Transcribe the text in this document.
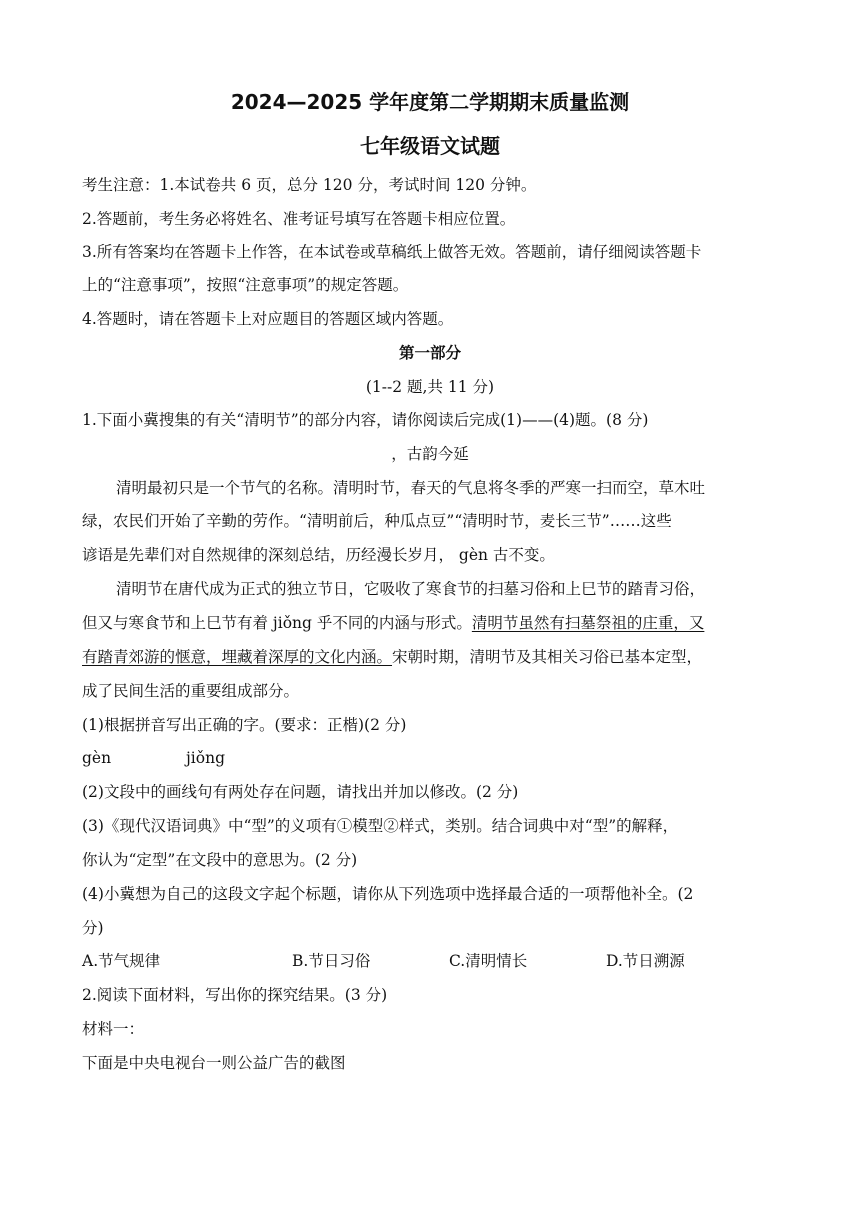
2024—2025 学年度第二学期期末质量监测
七年级语文试题
考生注意：1.本试卷共 6 页，总分 120 分，考试时间 120 分钟。
2.答题前，考生务必将姓名、准考证号填写在答题卡相应位置。
3.所有答案均在答题卡上作答，在本试卷或草稿纸上做答无效。答题前，请仔细阅读答题卡
上的“注意事项”，按照“注意事项”的规定答题。
4.答题时，请在答题卡上对应题目的答题区域内答题。
第一部分
(1--2 题,共 11 分)
1.下面小冀搜集的有关“清明节”的部分内容，请你阅读后完成(1)——(4)题。(8 分)
，古韵今延
清明最初只是一个节气的名称。清明时节，春天的气息将冬季的严寒一扫而空，草木吐
绿，农民们开始了辛勤的劳作。“清明前后，种瓜点豆”“清明时节，麦长三节”……这些
谚语是先辈们对自然规律的深刻总结，历经漫长岁月， gèn 古不变。
清明节在唐代成为正式的独立节日，它吸收了寒食节的扫墓习俗和上巳节的踏青习俗，
但又与寒食节和上巳节有着 jiǒng 乎不同的内涵与形式。清明节虽然有扫墓祭祖的庄重，又
有踏青郊游的惬意，埋藏着深厚的文化内涵。宋朝时期，清明节及其相关习俗已基本定型，
成了民间生活的重要组成部分。
(1)根据拼音写出正确的字。(要求：正楷)(2 分)
gèn	jiǒng
(2)文段中的画线句有两处存在问题，请找出并加以修改。(2 分)
(3)《现代汉语词典》中“型”的义项有①模型②样式，类别。结合词典中对“型”的解释，
你认为“定型”在文段中的意思为。(2 分)
(4)小冀想为自己的这段文字起个标题，请你从下列选项中选择最合适的一项帮他补全。(2
分)
A.节气规律	B.节日习俗	C.清明情长	D.节日溯源
2.阅读下面材料，写出你的探究结果。(3 分)
材料一：
下面是中央电视台一则公益广告的截图
